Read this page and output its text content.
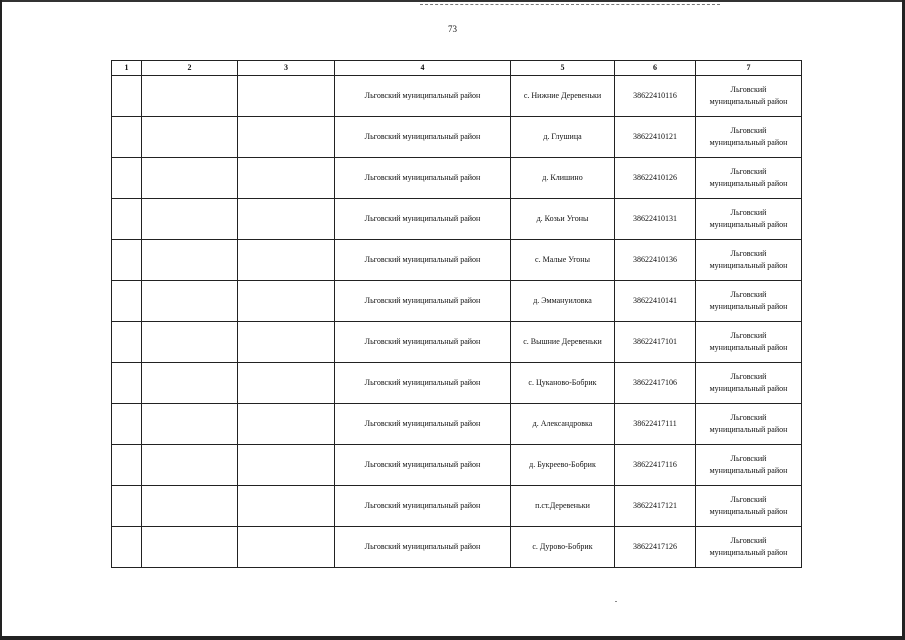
73
1	2	3	4	5	6	7
			Льговский муниципальный район	с. Нижние Деревеньки	38622410116	Льговский
муниципальный район
			Льговский муниципальный район	д. Глушица	38622410121	Льговский
муниципальный район
			Льговский муниципальный район	д. Клишино	38622410126	Льговский
муниципальный район
			Льговский муниципальный район	д. Козьи Угоны	38622410131	Льговский
муниципальный район
			Льговский муниципальный район	с. Малые Угоны	38622410136	Льговский
муниципальный район
			Льговский муниципальный район	д. Эммануиловка	38622410141	Льговский
муниципальный район
			Льговский муниципальный район	с. Вышние Деревеньки	38622417101	Льговский
муниципальный район
			Льговский муниципальный район	с. Цуканово-Бобрик	38622417106	Льговский
муниципальный район
			Льговский муниципальный район	д. Александровка	38622417111	Льговский
муниципальный район
			Льговский муниципальный район	д. Букреево-Бобрик	38622417116	Льговский
муниципальный район
			Льговский муниципальный район	п.ст.Деревеньки	38622417121	Льговский
муниципальный район
			Льговский муниципальный район	с. Дурово-Бобрик	38622417126	Льговский
муниципальный район
